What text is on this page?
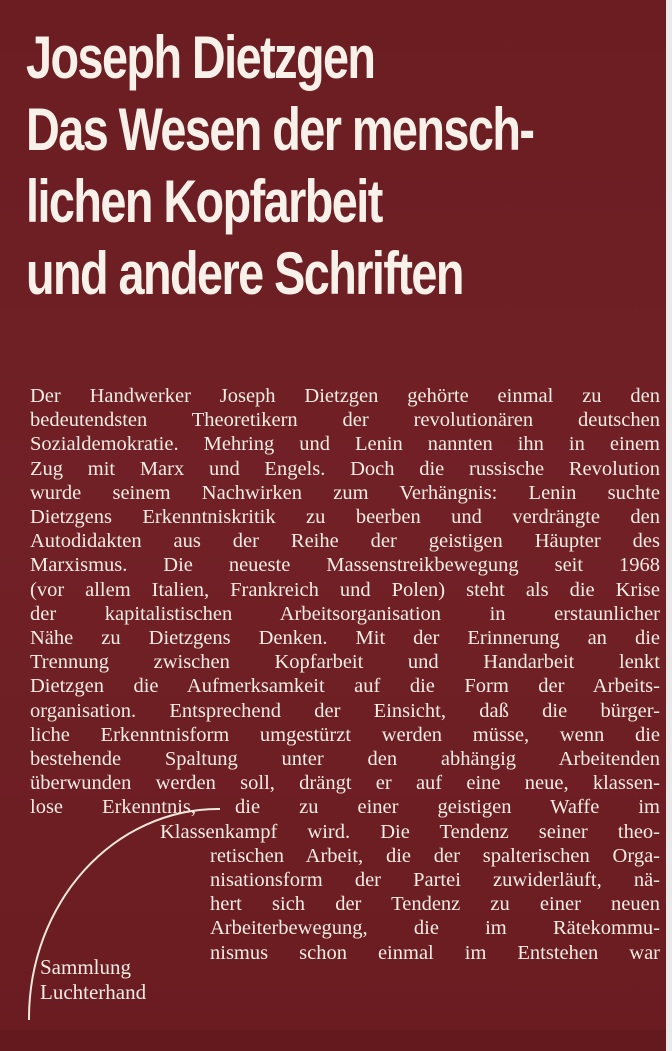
Joseph Dietzgen
Das Wesen der mensch-
lichen Kopfarbeit
und andere Schriften
Der Handwerker Joseph Dietzgen gehörte einmal zu den
bedeutendsten Theoretikern der revolutionären deutschen
Sozialdemokratie. Mehring und Lenin nannten ihn in einem
Zug mit Marx und Engels. Doch die russische Revolution
wurde seinem Nachwirken zum Verhängnis: Lenin suchte
Dietzgens Erkenntniskritik zu beerben und verdrängte den
Autodidakten aus der Reihe der geistigen Häupter des
Marxismus. Die neueste Massenstreikbewegung seit 1968
(vor allem Italien, Frankreich und Polen) steht als die Krise
der kapitalistischen Arbeitsorganisation in erstaunlicher
Nähe zu Dietzgens Denken. Mit der Erinnerung an die
Trennung zwischen Kopfarbeit und Handarbeit lenkt
Dietzgen die Aufmerksamkeit auf die Form der Arbeits-
organisation. Entsprechend der Einsicht, daß die bürger-
liche Erkenntnisform umgestürzt werden müsse, wenn die
bestehende Spaltung unter den abhängig Arbeitenden
überwunden werden soll, drängt er auf eine neue, klassen-
lose Erkenntnis, die zu einer geistigen Waffe im
Klassenkampf wird. Die Tendenz seiner theo-
retischen Arbeit, die der spalterischen Orga-
nisationsform der Partei zuwiderläuft, nä-
hert sich der Tendenz zu einer neuen
Arbeiterbewegung, die im Rätekommu-
nismus schon einmal im Entstehen war
Sammlung
Luchterhand
